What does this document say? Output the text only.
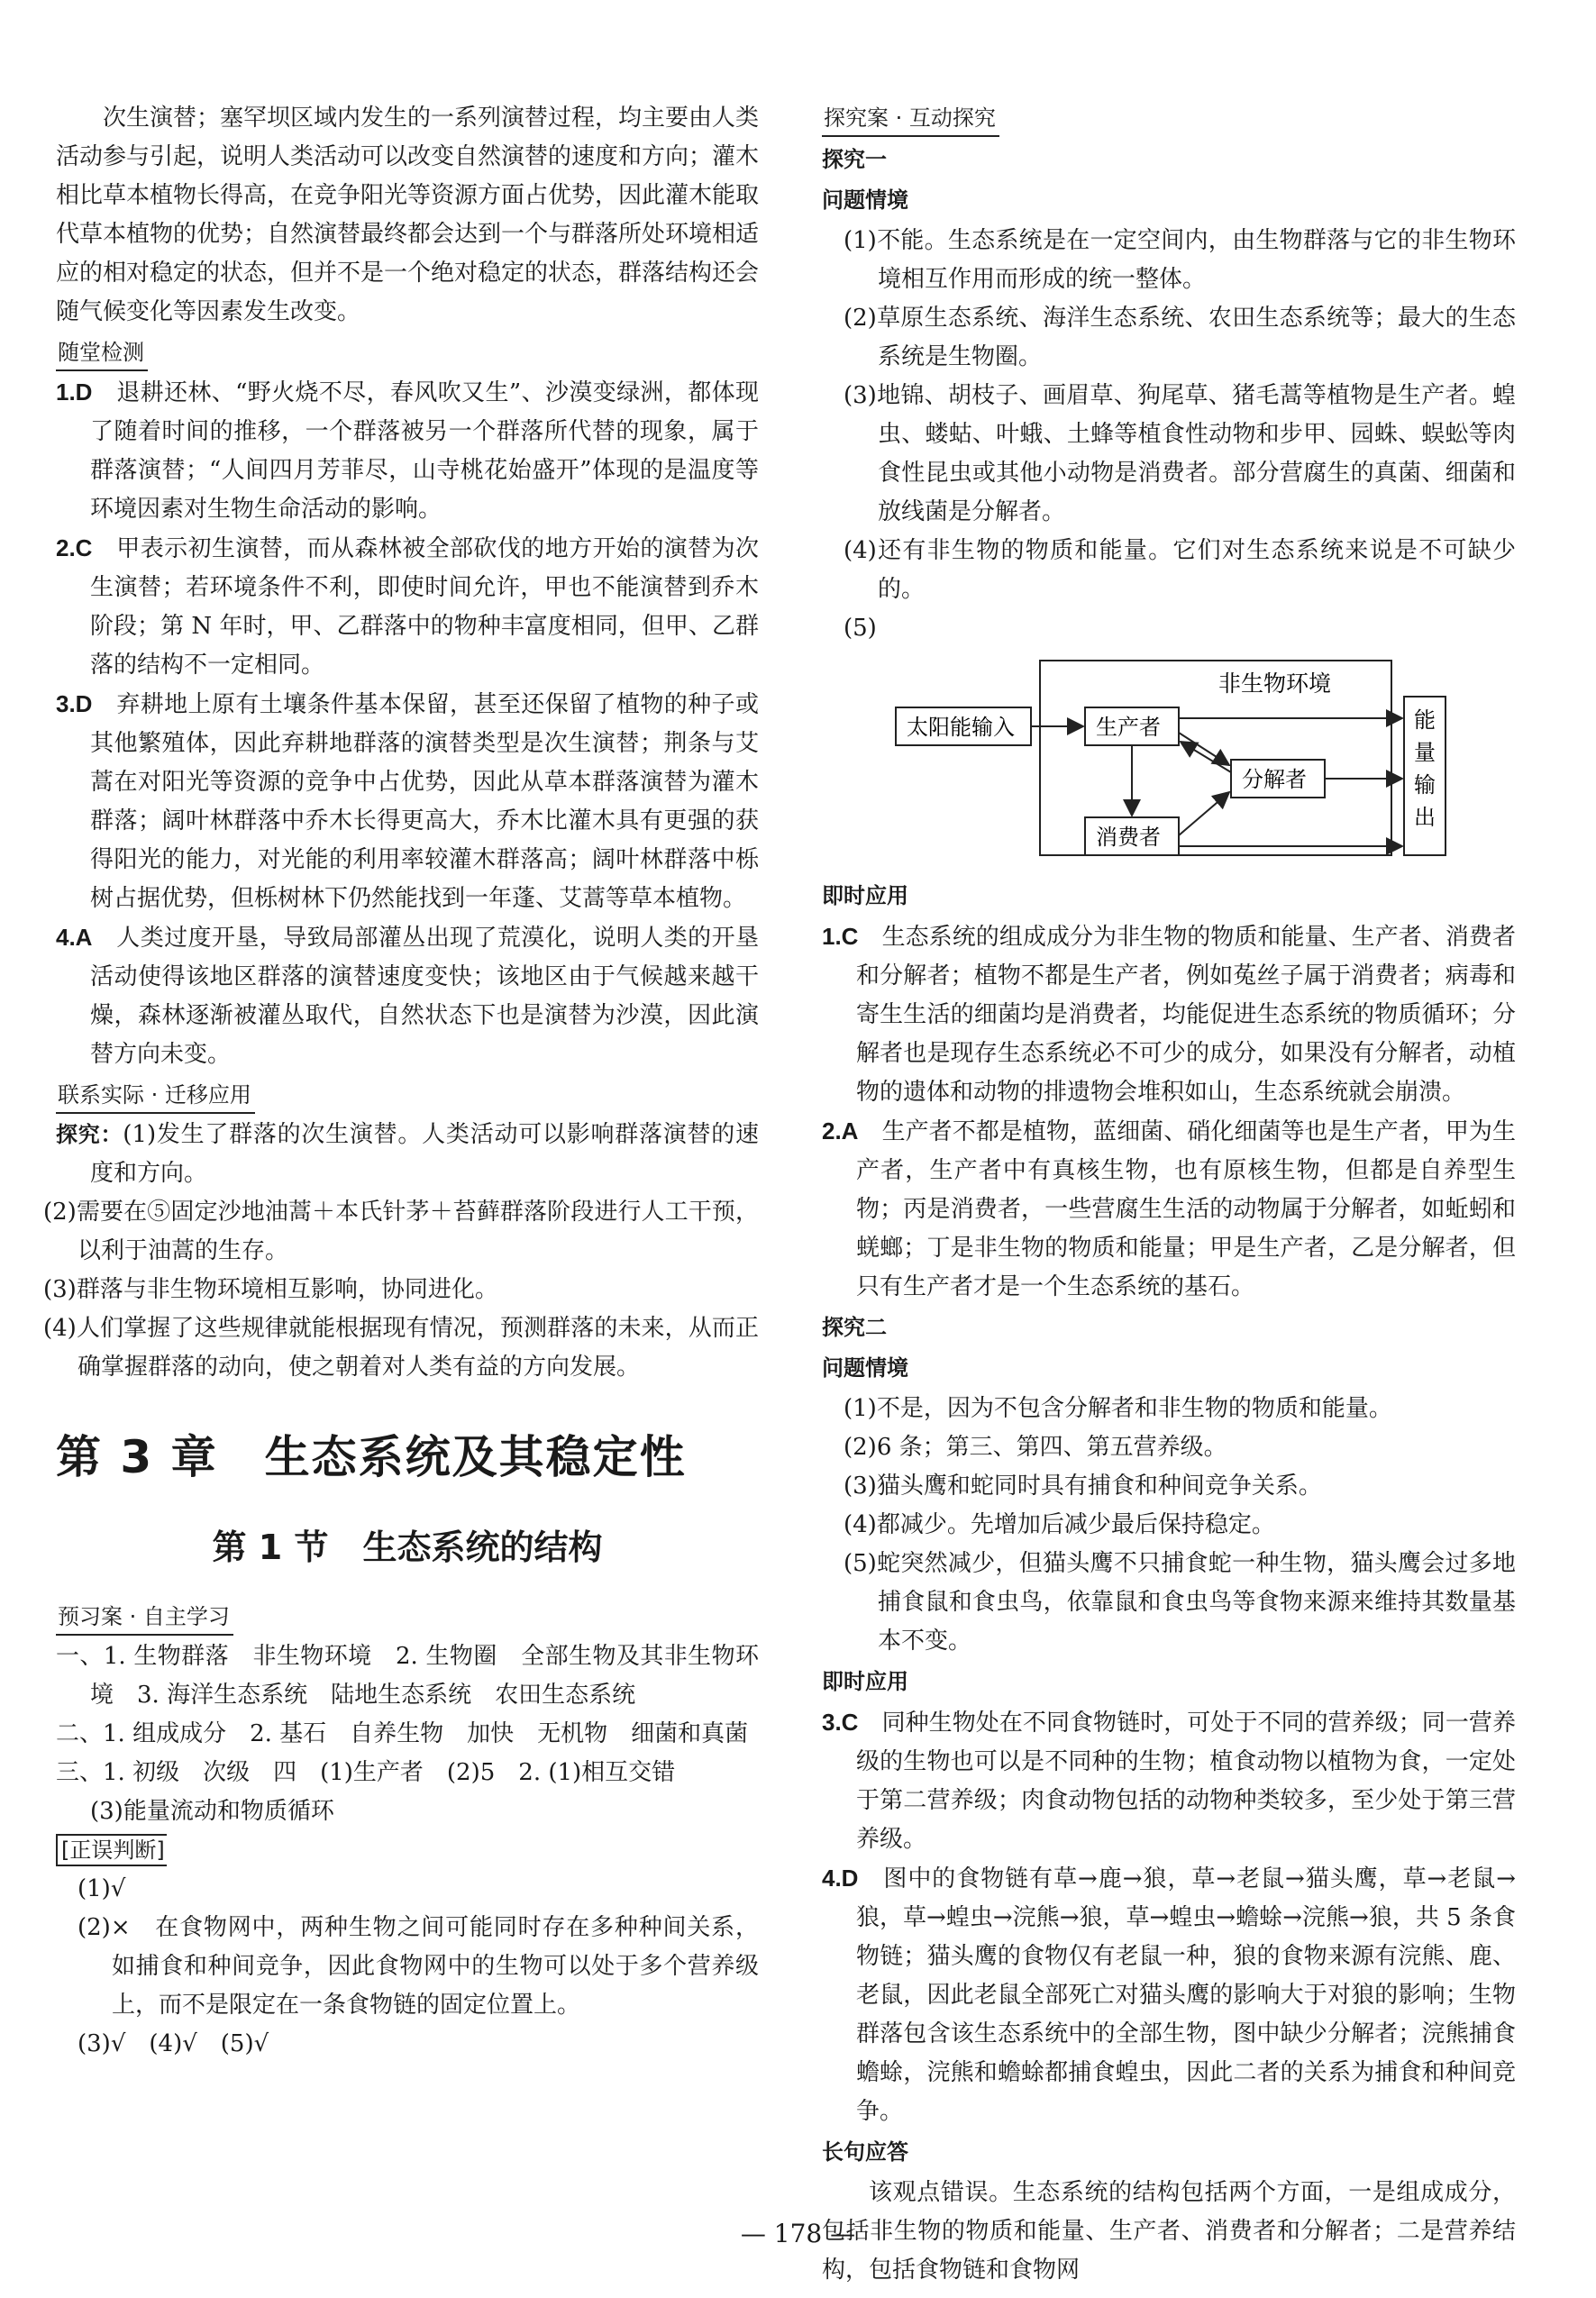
次生演替；塞罕坝区域内发生的一系列演替过程，均主要由人类活动参与引起，说明人类活动可以改变自然演替的速度和方向；灌木相比草本植物长得高，在竞争阳光等资源方面占优势，因此灌木能取代草本植物的优势；自然演替最终都会达到一个与群落所处环境相适应的相对稳定的状态，但并不是一个绝对稳定的状态，群落结构还会随气候变化等因素发生改变。

随堂检测

1.D　 退耕还林、“野火烧不尽，春风吹又生”、沙漠变绿洲，都体现了随着时间的推移，一个群落被另一个群落所代替的现象，属于群落演替；“人间四月芳菲尽，山寺桃花始盛开”体现的是温度等环境因素对生物生命活动的影响。

2.C　 甲表示初生演替，而从森林被全部砍伐的地方开始的演替为次生演替；若环境条件不利，即使时间允许，甲也不能演替到乔木阶段；第 N 年时，甲、乙群落中的物种丰富度相同，但甲、乙群落的结构不一定相同。

3.D　 弃耕地上原有土壤条件基本保留，甚至还保留了植物的种子或其他繁殖体，因此弃耕地群落的演替类型是次生演替；荆条与艾蒿在对阳光等资源的竞争中占优势，因此从草本群落演替为灌木群落；阔叶林群落中乔木长得更高大，乔木比灌木具有更强的获得阳光的能力，对光能的利用率较灌木群落高；阔叶林群落中栎树占据优势，但栎树林下仍然能找到一年蓬、艾蒿等草本植物。

4.A　 人类过度开垦，导致局部灌丛出现了荒漠化，说明人类的开垦活动使得该地区群落的演替速度变快；该地区由于气候越来越干燥，森林逐渐被灌丛取代，自然状态下也是演替为沙漠，因此演替方向未变。

联系实际 · 迁移应用

探究：(1)发生了群落的次生演替。人类活动可以影响群落演替的速度和方向。

(2)需要在⑤固定沙地油蒿＋本氏针茅＋苔藓群落阶段进行人工干预，以利于油蒿的生存。

(3)群落与非生物环境相互影响，协同进化。

(4)人们掌握了这些规律就能根据现有情况，预测群落的未来，从而正确掌握群落的动向，使之朝着对人类有益的方向发展。

第 3 章　生态系统及其稳定性
第 1 节　生态系统的结构
预习案 · 自主学习

一、1. 生物群落　非生物环境　2. 生物圈　全部生物及其非生物环境　3. 海洋生态系统　陆地生态系统　农田生态系统

二、1. 组成成分　2. 基石　自养生物　加快　无机物　细菌和真菌

三、1. 初级　次级　四　(1)生产者　(2)5　2. (1)相互交错

(3)能量流动和物质循环

[正误判断]

(1)√

(2)×　在食物网中，两种生物之间可能同时存在多种种间关系，如捕食和种间竞争，因此食物网中的生物可以处于多个营养级上，而不是限定在一条食物链的固定位置上。

(3)√　(4)√　(5)√

探究案 · 互动探究
探究一
问题情境

(1)不能。生态系统是在一定空间内，由生物群落与它的非生物环境相互作用而形成的统一整体。

(2)草原生态系统、海洋生态系统、农田生态系统等；最大的生态系统是生物圈。

(3)地锦、胡枝子、画眉草、狗尾草、猪毛蒿等植物是生产者。蝗虫、蝼蛄、叶蛾、土蜂等植食性动物和步甲、园蛛、蜈蚣等肉食性昆虫或其他小动物是消费者。部分营腐生的真菌、细菌和放线菌是分解者。

(4)还有非生物的物质和能量。它们对生态系统来说是不可缺少的。

(5)

非生物环境
太阳能输入	生产者
分解者
消费者
能量输出
即时应用

1.C　 生态系统的组成成分为非生物的物质和能量、生产者、消费者和分解者；植物不都是生产者，例如菟丝子属于消费者；病毒和寄生生活的细菌均是消费者，均能促进生态系统的物质循环；分解者也是现存生态系统必不可少的成分，如果没有分解者，动植物的遗体和动物的排遗物会堆积如山，生态系统就会崩溃。

2.A　 生产者不都是植物，蓝细菌、硝化细菌等也是生产者，甲为生产者，生产者中有真核生物，也有原核生物，但都是自养型生物；丙是消费者，一些营腐生生活的动物属于分解者，如蚯蚓和蜣螂；丁是非生物的物质和能量；甲是生产者，乙是分解者，但只有生产者才是一个生态系统的基石。

探究二
问题情境

(1)不是，因为不包含分解者和非生物的物质和能量。

(2)6 条；第三、第四、第五营养级。

(3)猫头鹰和蛇同时具有捕食和种间竞争关系。

(4)都减少。先增加后减少最后保持稳定。

(5)蛇突然减少，但猫头鹰不只捕食蛇一种生物，猫头鹰会过多地捕食鼠和食虫鸟，依靠鼠和食虫鸟等食物来源来维持其数量基本不变。

即时应用

3.C　 同种生物处在不同食物链时，可处于不同的营养级；同一营养级的生物也可以是不同种的生物；植食动物以植物为食，一定处于第二营养级；肉食动物包括的动物种类较多，至少处于第三营养级。

4.D　 图中的食物链有草→鹿→狼，草→老鼠→猫头鹰，草→老鼠→狼，草→蝗虫→浣熊→狼，草→蝗虫→蟾蜍→浣熊→狼，共 5 条食物链；猫头鹰的食物仅有老鼠一种，狼的食物来源有浣熊、鹿、老鼠，因此老鼠全部死亡对猫头鹰的影响大于对狼的影响；生物群落包含该生态系统中的全部生物，图中缺少分解者；浣熊捕食蟾蜍，浣熊和蟾蜍都捕食蝗虫，因此二者的关系为捕食和种间竞争。

长句应答

该观点错误。生态系统的结构包括两个方面，一是组成成分，包括非生物的物质和能量、生产者、消费者和分解者；二是营养结构，包括食物链和食物网

— 178 —
